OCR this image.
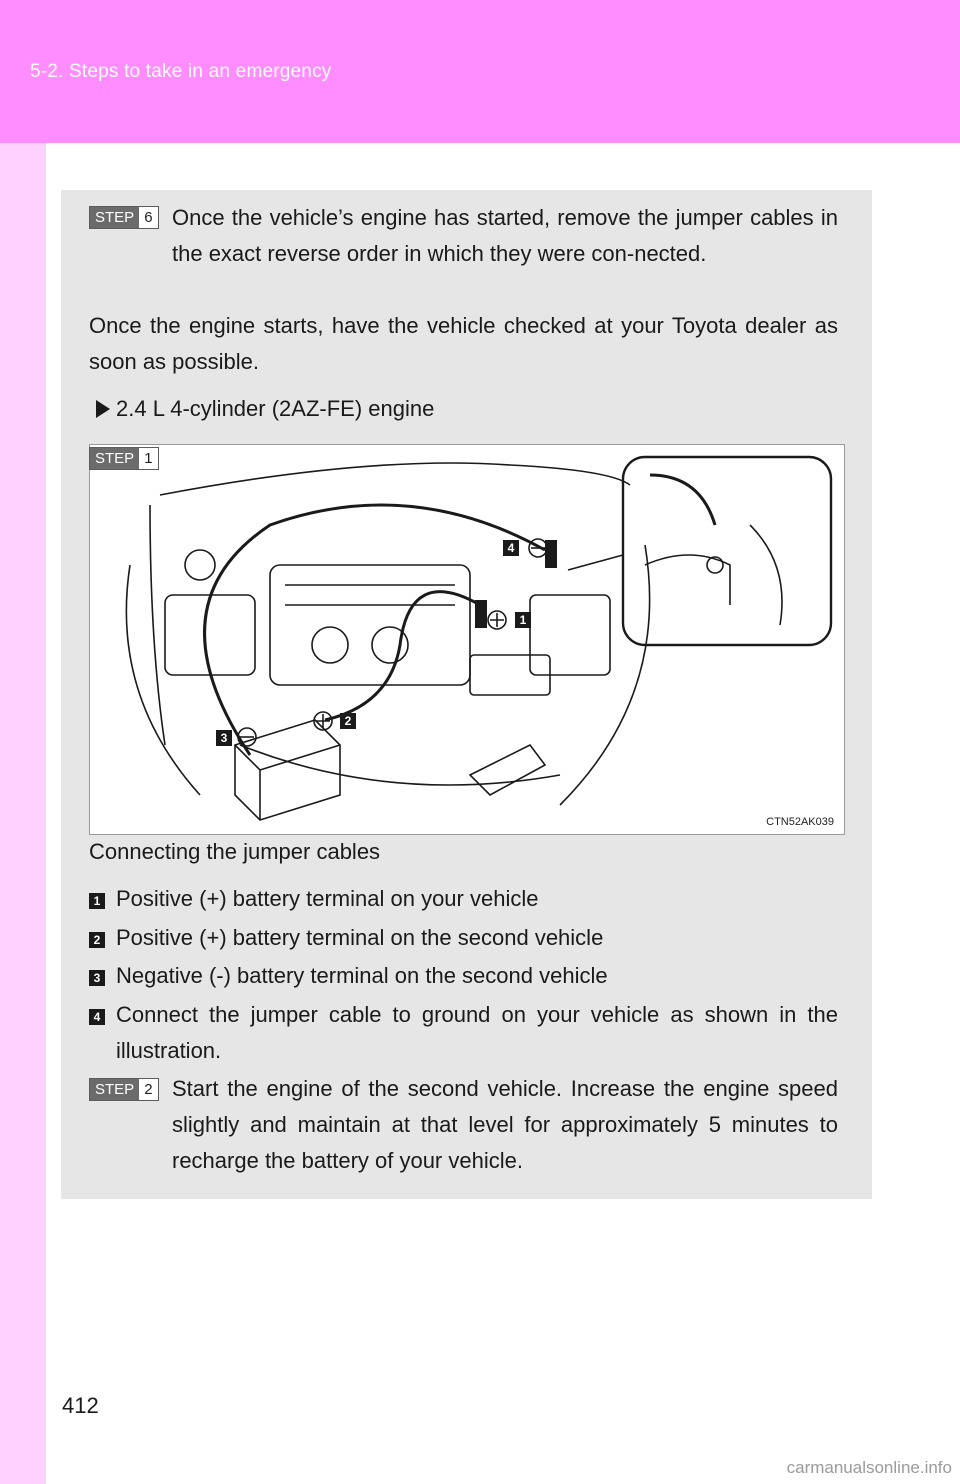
5-2. Steps to take in an emergency
STEP 6 Once the vehicle’s engine has started, remove the jumper cables in the exact reverse order in which they were con-nected.
Once the engine starts, have the vehicle checked at your Toyota dealer as soon as possible.
2.4 L 4-cylinder (2AZ-FE) engine
4
1
2
3
CTN52AK039
STEP 1
Connecting the jumper cables
1 Positive (+) battery terminal on your vehicle
2 Positive (+) battery terminal on the second vehicle
3 Negative (-) battery terminal on the second vehicle
4 Connect the jumper cable to ground on your vehicle as shown in the illustration.
STEP 2 Start the engine of the second vehicle. Increase the engine speed slightly and maintain at that level for approximately 5 minutes to recharge the battery of your vehicle.
412
carmanualsonline.info
